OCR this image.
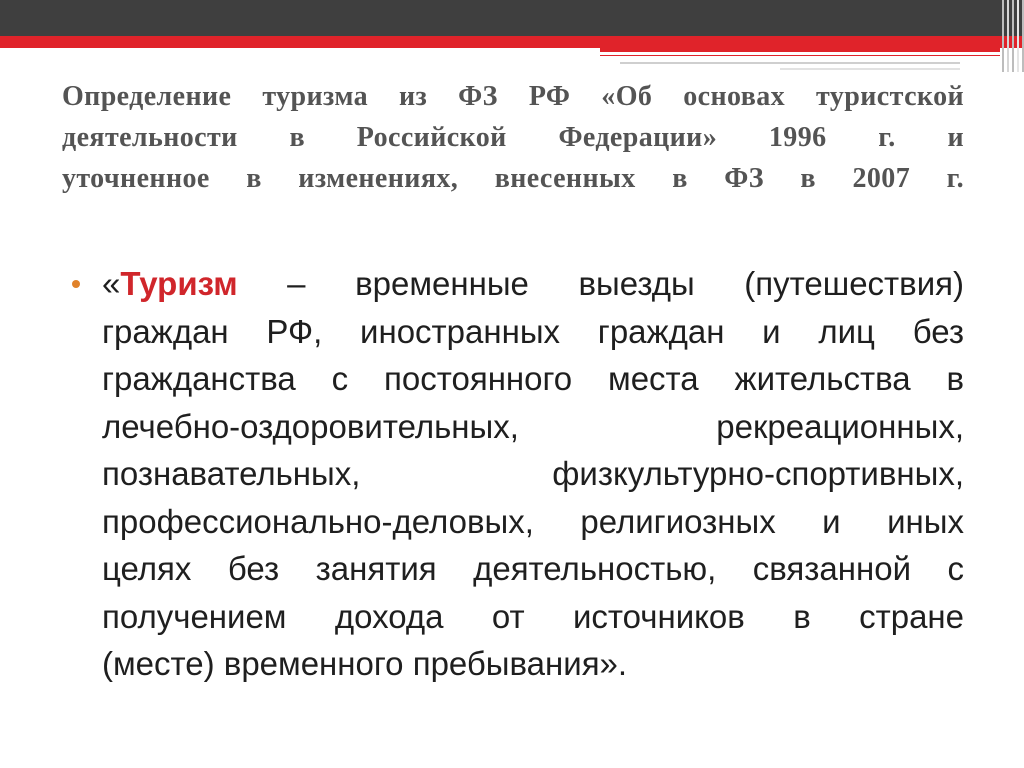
Определение туризма из ФЗ РФ «Об основах туристской
деятельности в Российской Федерации» 1996 г. и
уточненное в изменениях, внесенных в ФЗ в 2007 г.
«Туризм – временные выезды (путешествия)
граждан РФ, иностранных граждан и лиц без
гражданства с постоянного места жительства в
лечебно-оздоровительных, рекреационных,
познавательных, физкультурно-спортивных,
профессионально-деловых, религиозных и иных
целях без занятия деятельностью, связанной с
получением дохода от источников в стране
(месте) временного пребывания».
